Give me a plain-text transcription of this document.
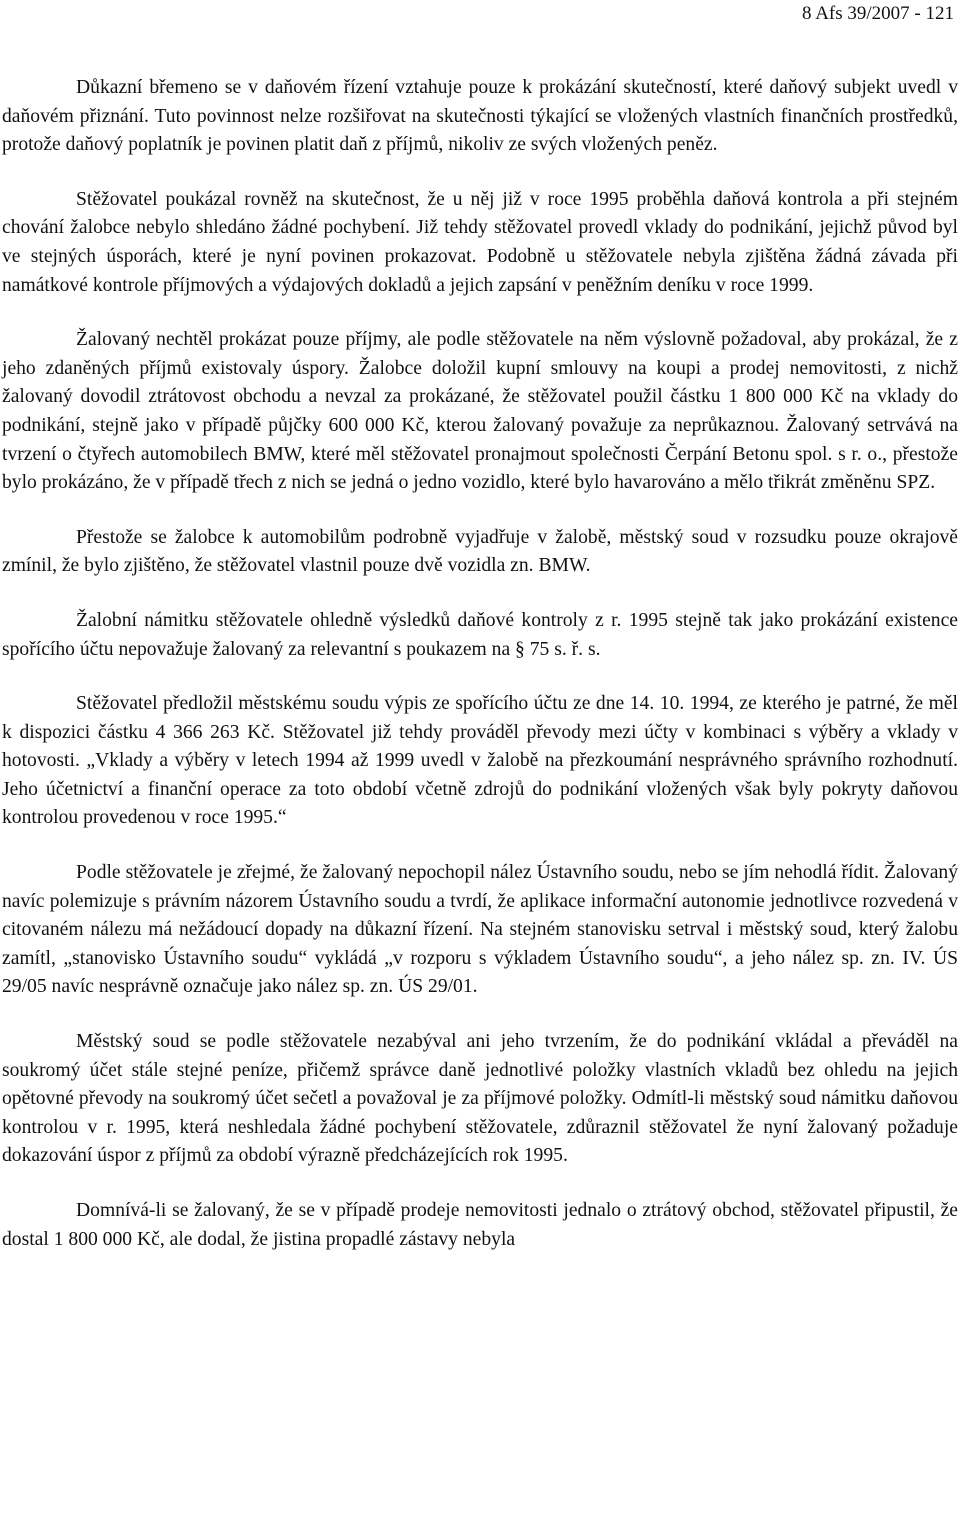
8 Afs 39/2007 - 121

Důkazní břemeno se v daňovém řízení vztahuje pouze k prokázání skutečností, které daňový subjekt uvedl v daňovém přiznání. Tuto povinnost nelze rozšiřovat na skutečnosti týkající se vložených vlastních finančních prostředků, protože daňový poplatník je povinen platit daň z příjmů, nikoliv ze svých vložených peněz.

Stěžovatel poukázal rovněž na skutečnost, že u něj již v roce 1995 proběhla daňová kontrola a při stejném chování žalobce nebylo shledáno žádné pochybení. Již tehdy stěžovatel provedl vklady do podnikání, jejichž původ byl ve stejných úsporách, které je nyní povinen prokazovat. Podobně u stěžovatele nebyla zjištěna žádná závada při namátkové kontrole příjmových a výdajových dokladů a jejich zapsání v peněžním deníku v roce 1999.

Žalovaný nechtěl prokázat pouze příjmy, ale podle stěžovatele na něm výslovně požadoval, aby prokázal, že z jeho zdaněných příjmů existovaly úspory. Žalobce doložil kupní smlouvy na koupi a prodej nemovitosti, z nichž žalovaný dovodil ztrátovost obchodu a nevzal za prokázané, že stěžovatel použil částku 1 800 000 Kč na vklady do podnikání, stejně jako v případě půjčky 600 000 Kč, kterou žalovaný považuje za neprůkaznou. Žalovaný setrvává na tvrzení o čtyřech automobilech BMW, které měl stěžovatel pronajmout společnosti Čerpání Betonu spol. s r. o., přestože bylo prokázáno, že v případě třech z nich se jedná o jedno vozidlo, které bylo havarováno a mělo třikrát změněnu SPZ.

Přestože se žalobce k automobilům podrobně vyjadřuje v žalobě, městský soud v rozsudku pouze okrajově zmínil, že bylo zjištěno, že stěžovatel vlastnil pouze dvě vozidla zn. BMW.

Žalobní námitku stěžovatele ohledně výsledků daňové kontroly z r. 1995 stejně tak jako prokázání existence spořícího účtu nepovažuje žalovaný za relevantní s poukazem na § 75 s. ř. s.

Stěžovatel předložil městskému soudu výpis ze spořícího účtu ze dne 14. 10. 1994, ze kterého je patrné, že měl k dispozici částku 4 366 263 Kč. Stěžovatel již tehdy prováděl převody mezi účty v kombinaci s výběry a vklady v hotovosti. „Vklady a výběry v letech 1994 až 1999 uvedl v žalobě na přezkoumání nesprávného správního rozhodnutí. Jeho účetnictví a finanční operace za toto období včetně zdrojů do podnikání vložených však byly pokryty daňovou kontrolou provedenou v roce 1995.“

Podle stěžovatele je zřejmé, že žalovaný nepochopil nález Ústavního soudu, nebo se jím nehodlá řídit. Žalovaný navíc polemizuje s právním názorem Ústavního soudu a tvrdí, že aplikace informační autonomie jednotlivce rozvedená v citovaném nálezu má nežádoucí dopady na důkazní řízení. Na stejném stanovisku setrval i městský soud, který žalobu zamítl, „stanovisko Ústavního soudu“ vykládá „v rozporu s výkladem Ústavního soudu“, a jeho nález sp. zn. IV. ÚS 29/05 navíc nesprávně označuje jako nález sp. zn. ÚS 29/01.

Městský soud se podle stěžovatele nezabýval ani jeho tvrzením, že do podnikání vkládal a převáděl na soukromý účet stále stejné peníze, přičemž správce daně jednotlivé položky vlastních vkladů bez ohledu na jejich opětovné převody na soukromý účet sečetl a považoval je za příjmové položky. Odmítl-li městský soud námitku daňovou kontrolou v r. 1995, která neshledala žádné pochybení stěžovatele, zdůraznil stěžovatel že nyní žalovaný požaduje dokazování úspor z příjmů za období výrazně předcházejících rok 1995.

Domnívá-li se žalovaný, že se v případě prodeje nemovitosti jednalo o ztrátový obchod, stěžovatel připustil, že dostal 1 800 000 Kč, ale dodal, že jistina propadlé zástavy nebyla
